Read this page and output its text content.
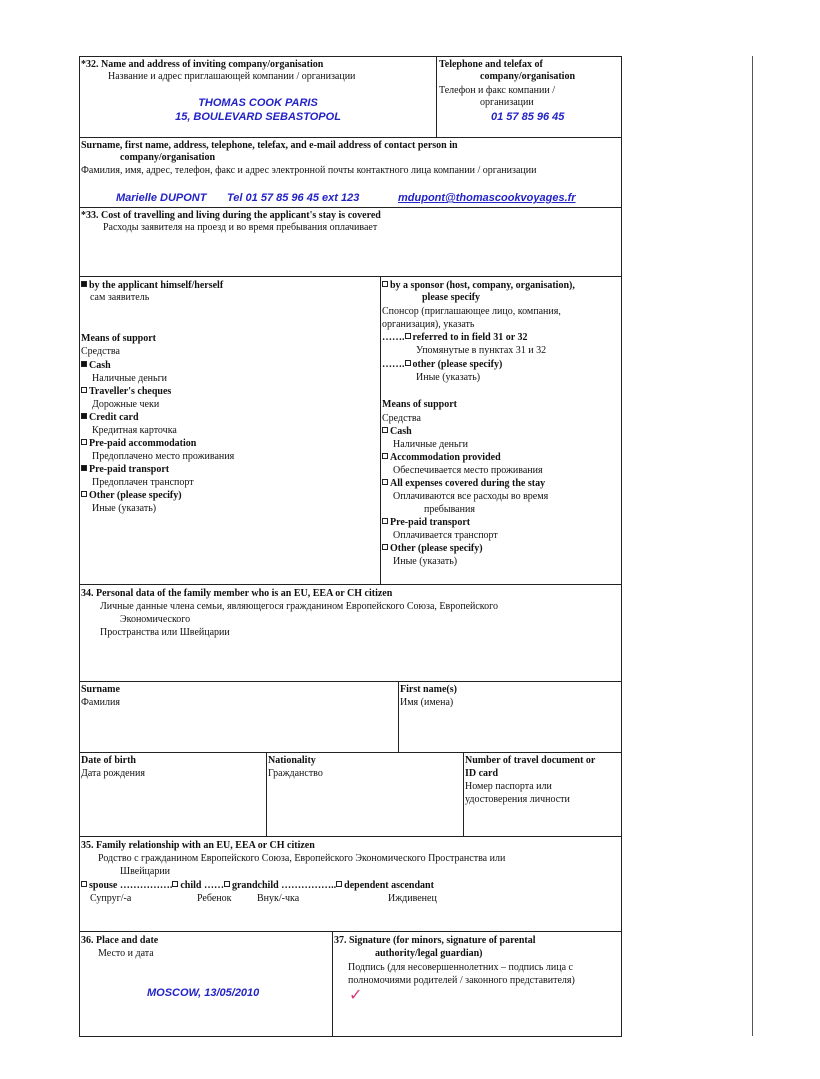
*32. Name and address of inviting company/organisation
Название и адрес приглашающей компании / организации
THOMAS COOK PARIS
15, BOULEVARD SEBASTOPOL
Telephone and telefax of
company/organisation
Телефон и факс компании /
организации
01 57 85 96 45
Surname, first name, address, telephone, telefax, and e-mail address of contact person in
company/organisation
Фамилия, имя, адрес, телефон, факс и адрес электронной почты контактного лица компании / организации
Marielle DUPONT Tel 01 57 85 96 45 ext 123	mdupont@thomascookvoyages.fr
*33. Cost of travelling and living during the applicant's stay is covered
Расходы заявителя на проезд и во время пребывания оплачивает
by the applicant himself/herself
сам заявитель
Means of support
Средства
Cash
Наличные деньги
Traveller's cheques
Дорожные чеки
Credit card
Кредитная карточка
Pre-paid accommodation
Предоплачено место проживания
Pre-paid transport
Предоплачен транспорт
Other (please specify)
Иные (указать)
by a sponsor (host, company, organisation),
please specify
Спонсор (приглашающее лицо, компания,
организация), указать
……. referred to in field 31 or 32
Упомянутые в пунктах 31 и 32
……. other (please specify)
Иные (указать)
Means of support
Средства
Cash
Наличные деньги
Accommodation provided
Обеспечивается место проживания
All expenses covered during the stay
Оплачиваются все расходы во время
пребывания
Pre-paid transport
Оплачивается транспорт
Other (please specify)
Иные (указать)
34. Personal data of the family member who is an EU, EEA or CH citizen
Личные данные члена семьи, являющегося гражданином Европейского Союза, Европейского
Экономического
Пространства или Швейцарии
Surname
Фамилия
First name(s)
Имя (имена)
Date of birth
Дата рождения
Nationality
Гражданство
Number of travel document or
ID card
Номер паспорта или
удостоверения личности
35. Family relationship with an EU, EEA or CH citizen
Родство с гражданином Европейского Союза, Европейского Экономического Пространства или
Швейцарии
spouse ……………. child …… grandchild …………….. dependent ascendant
Супруг/-а	Ребенок	Внук/-чка	Иждивенец
36. Place and date
Место и дата
MOSCOW, 13/05/2010
37. Signature (for minors, signature of parental
authority/legal guardian)
Подпись (для несовершеннолетних – подпись лица с
полномочиями родителей / законного представителя)
✓
